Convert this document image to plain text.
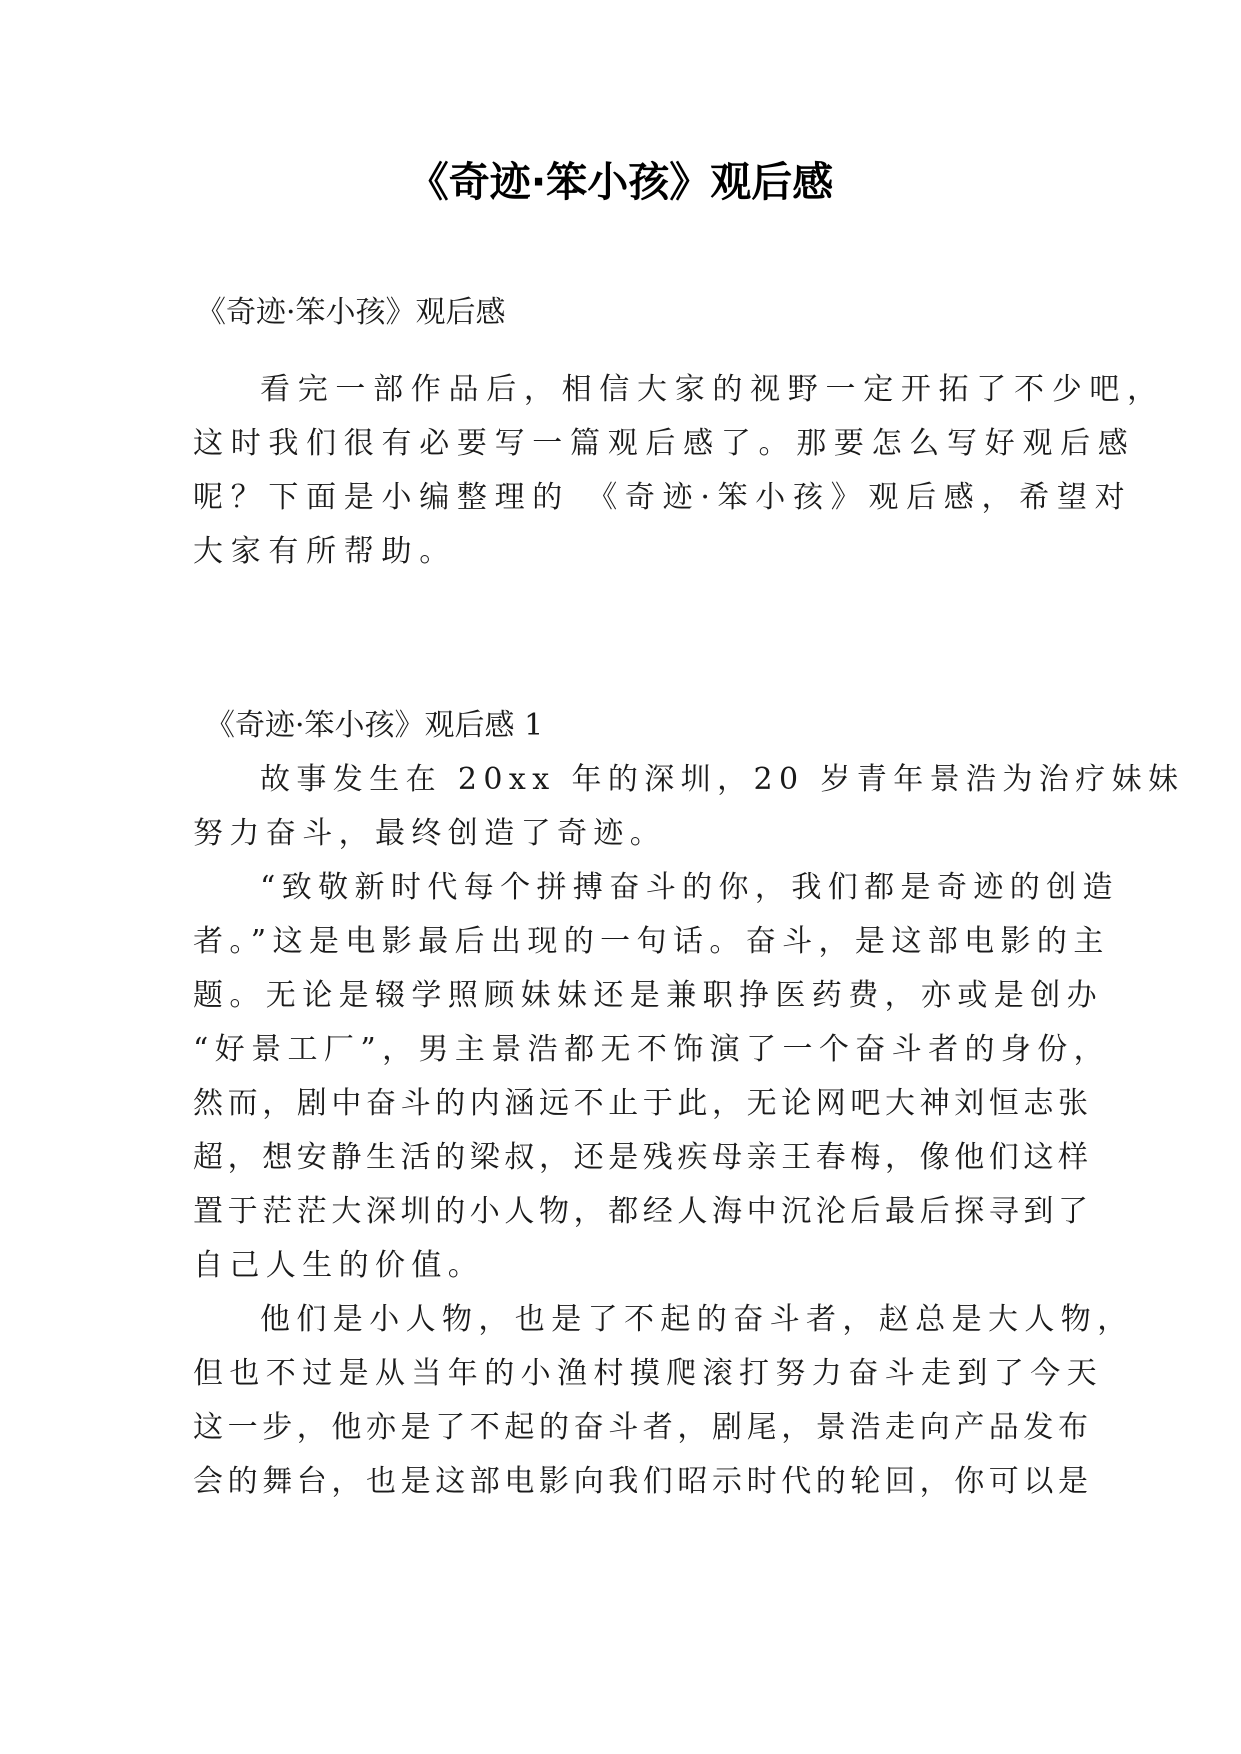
《奇迹·笨小孩》观后感
《奇迹·笨小孩》观后感
看完一部作品后，相信大家的视野一定开拓了不少吧，
这时我们很有必要写一篇观后感了。那要怎么写好观后感
呢？下面是小编整理的 《奇迹·笨小孩》观后感，希望对
大家有所帮助。
《奇迹·笨小孩》观后感 1
故事发生在 20xx 年的深圳，20 岁青年景浩为治疗妹妹
努力奋斗，最终创造了奇迹。
“致敬新时代每个拼搏奋斗的你，我们都是奇迹的创造
者。”这是电影最后出现的一句话。奋斗，是这部电影的主
题。无论是辍学照顾妹妹还是兼职挣医药费，亦或是创办
“好景工厂”，男主景浩都无不饰演了一个奋斗者的身份，
然而，剧中奋斗的内涵远不止于此，无论网吧大神刘恒志张
超，想安静生活的梁叔，还是残疾母亲王春梅，像他们这样
置于茫茫大深圳的小人物，都经人海中沉沦后最后探寻到了
自己人生的价值。
他们是小人物，也是了不起的奋斗者，赵总是大人物，
但也不过是从当年的小渔村摸爬滚打努力奋斗走到了今天
这一步，他亦是了不起的奋斗者，剧尾，景浩走向产品发布
会的舞台，也是这部电影向我们昭示时代的轮回，你可以是
